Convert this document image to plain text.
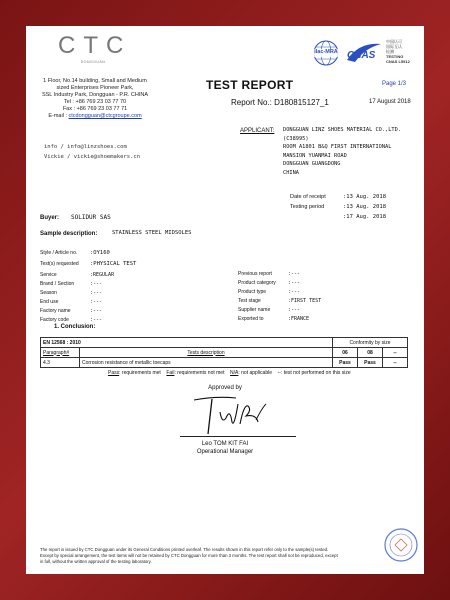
CTC
DONGGUAN
1 Floor, No.14 building, Small and Medium
sized Enterprises Pioneer Park,
SSL Industry Park, Dongguan - P.R. CHINA
Tel : +86 769 23 03 77 70
Fax : +86 769 23 03 77 71
E-mail : ctcdongguan@ctcgroupe.com
ilac-MRA CNAS
中国认可
国际互认
检测
TESTING
CNAS L5912
TEST REPORT	Page 1/3
Report No.: D180815127_1	17 August 2018
APPLICANT: DONGGUAN LINZ SHOES MATERIAL CO.,LTD.
(C38995)
ROOM A1801 B&Q FIRST INTERNATIONAL
MANSION YUANMAI ROAD
DONGGUAN GUANGDONG
CHINA
info / info@linzshoes.com
Vickie / vickie@shoemakers.cn
Date of receipt	:13 Aug. 2018
Testing period	:13 Aug. 2018
:17 Aug. 2018
Buyer: SOLIDUR SAS
Sample description:	STAINLESS STEEL MIDSOLES
Style / Article no. :OY160
Test(s) requested :PHYSICAL TEST
Service	:REGULAR
Brand / Section	:---
Season	:---
End use	:---
Factory name	:---
Factory code	:---
Previous report	:---
Product category :---
Product type	:---
Test stage	:FIRST TEST
Supplier name	:---
Exported to	:FRANCE
1. Conclusion:
EN 12568 : 2010		Conformity by size		
Paragraph#	Tests description	06	08	--
4.3	Corrosion resistance of metallic toecaps	Pass	Pass	--
Pass: requirements met Fail: requirements not met N/A: not applicable --: test not performed on this size
Approved by
Leo TOM KIT FAI
Operational Manager
The report is issued by CTC Dongguan under its General Conditions printed overleaf. The results shown in this report refer only to the sample(s) tested.
Except by special arrangement, the test items will not be retained by CTC Dongguan for more than 3 months. The test report shall not be reproduced, except
in full, without the written approval of the testing laboratory.
